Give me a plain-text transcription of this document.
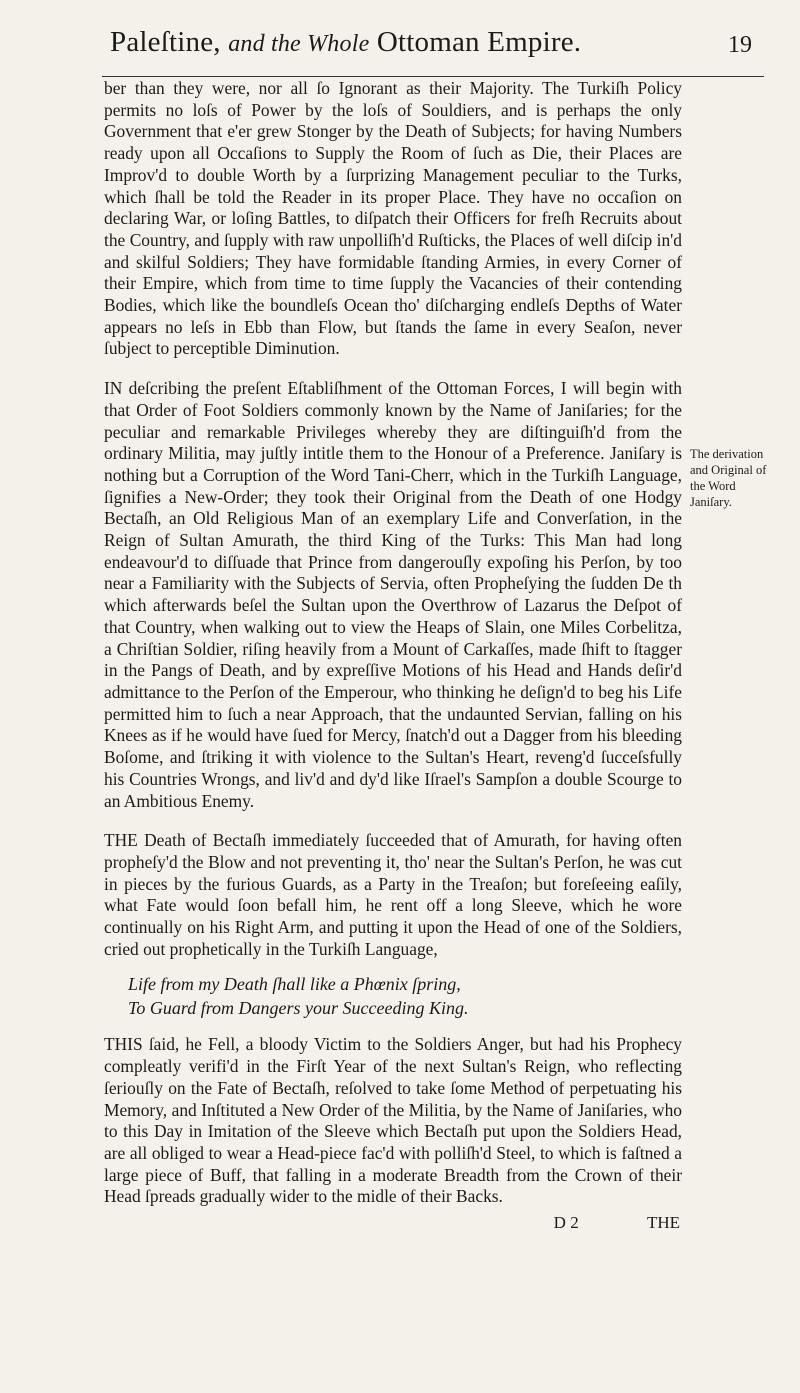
Paleſtine, and the Whole Ottoman Empire.	19

ber than they were, nor all ſo Ignorant as their Majority. The Turkiſh Policy permits no loſs of Power by the loſs of Souldiers, and is perhaps the only Government that e'er grew Stonger by the Death of Subjects; for having Numbers ready upon all Occaſions to Supply the Room of ſuch as Die, their Places are Improv'd to double Worth by a ſurprizing Management peculiar to the Turks, which ſhall be told the Reader in its proper Place. They have no occaſion on declaring War, or loſing Battles, to diſpatch their Officers for freſh Recruits about the Country, and ſupply with raw unpolliſh'd Ruſticks, the Places of well diſcip in'd and skilful Soldiers; They have formidable ſtanding Armies, in every Corner of their Empire, which from time to time ſupply the Vacancies of their contending Bodies, which like the boundleſs Ocean tho' diſcharging endleſs Depths of Water appears no leſs in Ebb than Flow, but ſtands the ſame in every Seaſon, never ſubject to perceptible Diminution.

IN deſcribing the preſent Eſtabliſhment of the Ottoman Forces, I will begin with that Order of Foot Soldiers commonly known by the Name of Janiſaries; for the peculiar and remarkable Privileges whereby they are diſtinguiſh'd from the ordinary Militia, may juſtly intitle them to the Honour of a Preference. Janiſary is nothing but a Corruption of the Word Tani-Cherr, which in the Turkiſh Language, ſignifies a New-Order; they took their Original from the Death of one Hodgy Bectaſh, an Old Religious Man of an exemplary Life and Converſation, in the Reign of Sultan Amurath, the third King of the Turks: This Man had long endeavour'd to diſſuade that Prince from dangerouſly expoſing his Perſon, by too near a Familiarity with the Subjects of Servia, often Propheſying the ſudden De th which afterwards beſel the Sultan upon the Overthrow of Lazarus the Deſpot of that Country, when walking out to view the Heaps of Slain, one Miles Corbelitza, a Chriſtian Soldier, riſing heavily from a Mount of Carkaſſes, made ſhift to ſtagger in the Pangs of Death, and by expreſſive Motions of his Head and Hands deſir'd admittance to the Perſon of the Emperour, who thinking he deſign'd to beg his Life permitted him to ſuch a near Approach, that the undaunted Servian, falling on his Knees as if he would have ſued for Mercy, ſnatch'd out a Dagger from his bleeding Boſome, and ſtriking it with violence to the Sultan's Heart, reveng'd ſucceſsfully his Countries Wrongs, and liv'd and dy'd like Iſrael's Sampſon a double Scourge to an Ambitious Enemy.

THE Death of Bectaſh immediately ſucceeded that of Amurath, for having often propheſy'd the Blow and not preventing it, tho' near the Sultan's Perſon, he was cut in pieces by the furious Guards, as a Party in the Treaſon; but foreſeeing eaſily, what Fate would ſoon befall him, he rent off a long Sleeve, which he wore continually on his Right Arm, and putting it upon the Head of one of the Soldiers, cried out prophetically in the Turkiſh Language,

Life from my Death ſhall like a Phœnix ſpring,
To Guard from Dangers your Succeeding King.

THIS ſaid, he Fell, a bloody Victim to the Soldiers Anger, but had his Prophecy compleatly verifi'd in the Firſt Year of the next Sultan's Reign, who reflecting ſeriouſly on the Fate of Bectaſh, reſolved to take ſome Method of perpetuating his Memory, and Inſtituted a New Order of the Militia, by the Name of Janiſaries, who to this Day in Imitation of the Sleeve which Bectaſh put upon the Soldiers Head, are all obliged to wear a Head-piece fac'd with polliſh'd Steel, to which is faſtned a large piece of Buff, that falling in a moderate Breadth from the Crown of their Head ſpreads gradually wider to the midle of their Backs.

D 2	THE
The derivation and Original of the Word Janiſary.
